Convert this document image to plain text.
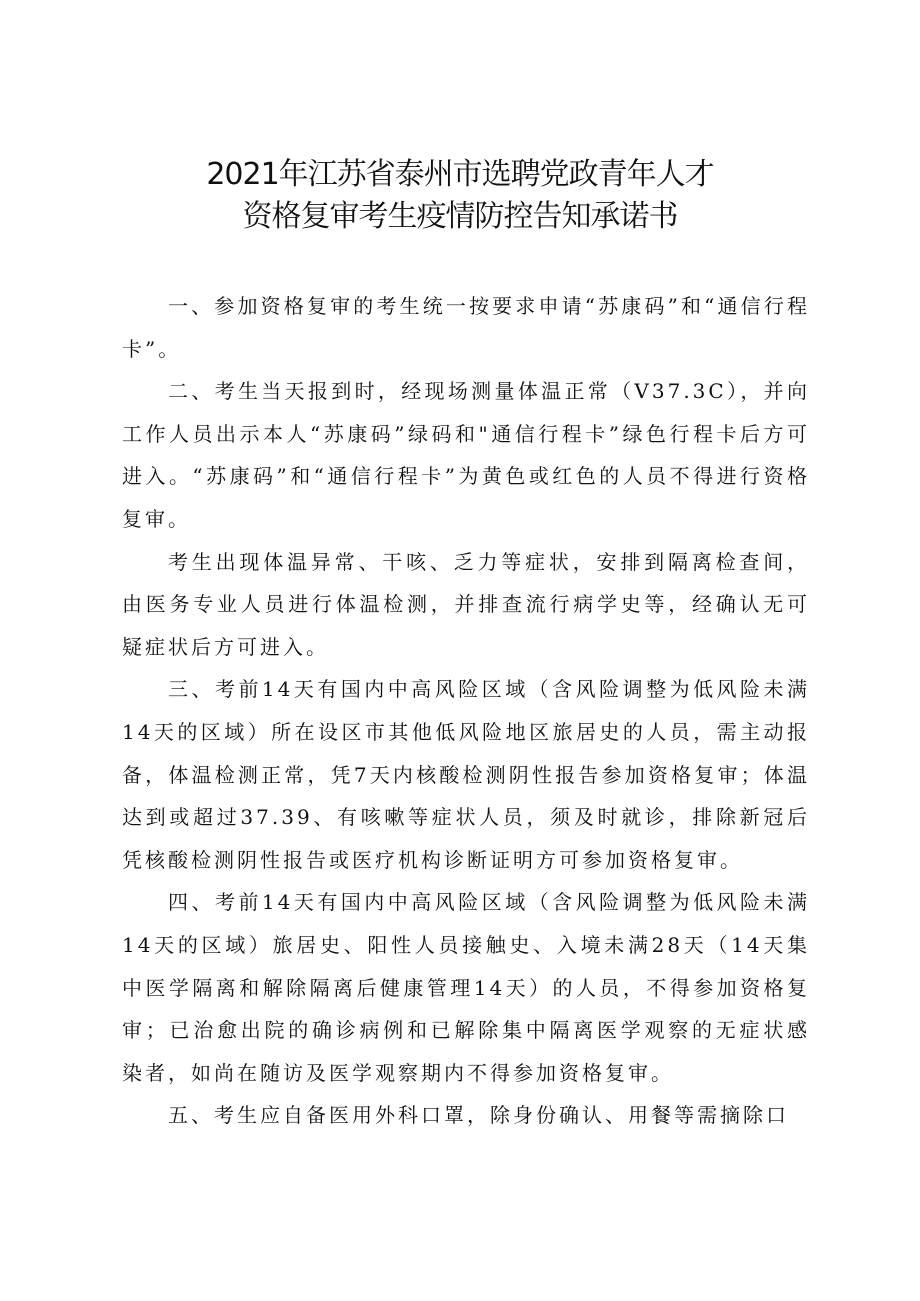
2021年江苏省泰州市选聘党政青年人才
资格复审考生疫情防控告知承诺书

一、参加资格复审的考生统一按要求申请“苏康码”和“通信行程卡”。

二、考生当天报到时，经现场测量体温正常（V37.3C），并向工作人员出示本人“苏康码”绿码和"通信行程卡”绿色行程卡后方可进入。“苏康码”和“通信行程卡”为黄色或红色的人员不得进行资格复审。

考生出现体温异常、干咳、乏力等症状，安排到隔离检查间，由医务专业人员进行体温检测，并排查流行病学史等，经确认无可疑症状后方可进入。

三、考前14天有国内中高风险区域（含风险调整为低风险未满14天的区域）所在设区市其他低风险地区旅居史的人员，需主动报备，体温检测正常，凭7天内核酸检测阴性报告参加资格复审；体温达到或超过37.39、有咳嗽等症状人员，须及时就诊，排除新冠后凭核酸检测阴性报告或医疗机构诊断证明方可参加资格复审。

四、考前14天有国内中高风险区域（含风险调整为低风险未满14天的区域）旅居史、阳性人员接触史、入境未满28天（14天集中医学隔离和解除隔离后健康管理14天）的人员，不得参加资格复审；已治愈出院的确诊病例和已解除集中隔离医学观察的无症状感染者，如尚在随访及医学观察期内不得参加资格复审。

五、考生应自备医用外科口罩，除身份确认、用餐等需摘除口
